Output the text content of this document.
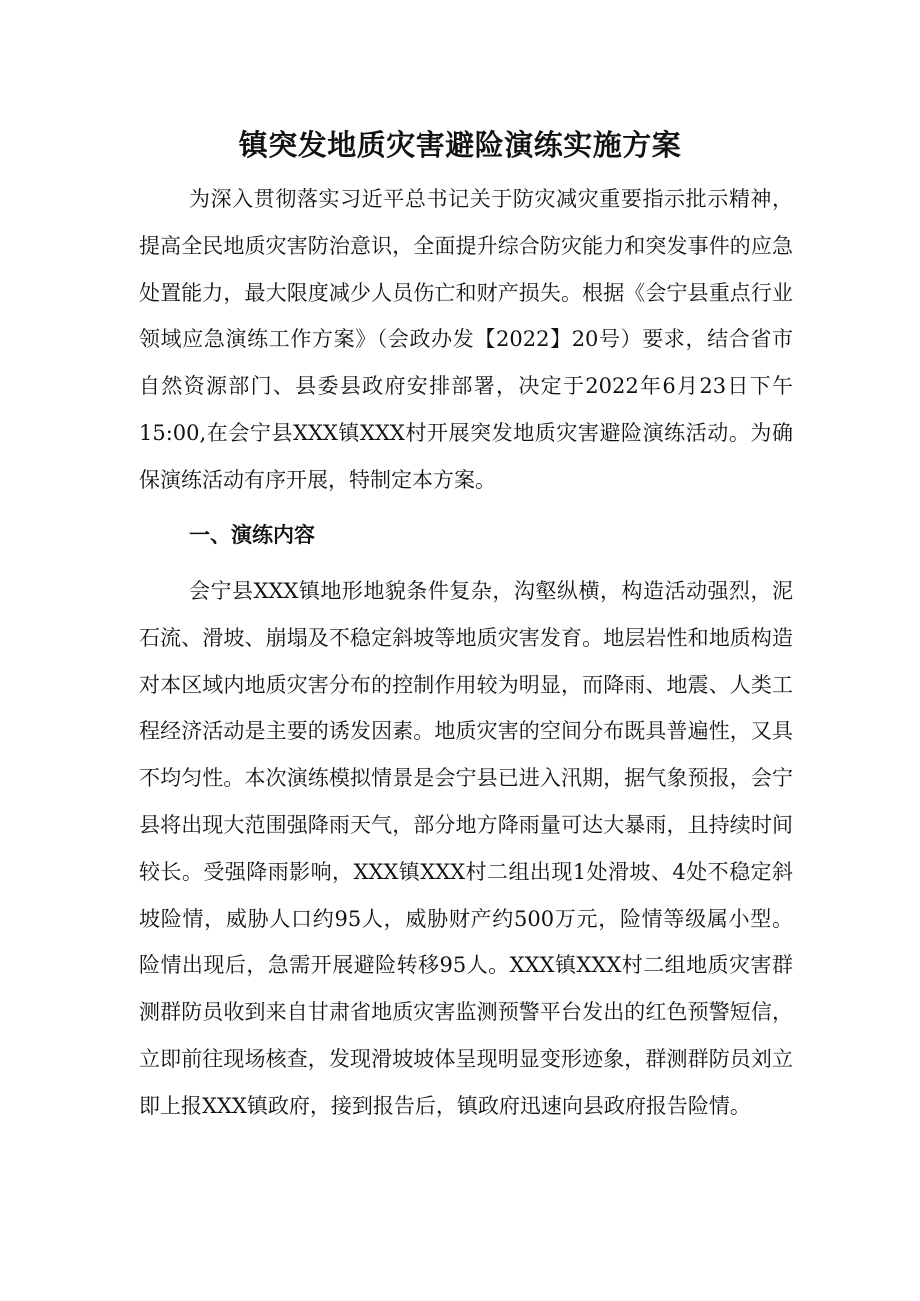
镇突发地质灾害避险演练实施方案

为深入贯彻落实习近平总书记关于防灾减灾重要指示批示精神，提高全民地质灾害防治意识，全面提升综合防灾能力和突发事件的应急处置能力，最大限度减少人员伤亡和财产损失。根据《会宁县重点行业领域应急演练工作方案》（会政办发【2022】20号）要求，结合省市自然资源部门、县委县政府安排部署，决定于2022年6月23日下午15:00,在会宁县XXX镇XXX村开展突发地质灾害避险演练活动。为确保演练活动有序开展，特制定本方案。

一、演练内容

会宁县XXX镇地形地貌条件复杂，沟壑纵横，构造活动强烈，泥石流、滑坡、崩塌及不稳定斜坡等地质灾害发育。地层岩性和地质构造对本区域内地质灾害分布的控制作用较为明显，而降雨、地震、人类工程经济活动是主要的诱发因素。地质灾害的空间分布既具普遍性，又具不均匀性。本次演练模拟情景是会宁县已进入汛期，据气象预报，会宁县将出现大范围强降雨天气，部分地方降雨量可达大暴雨，且持续时间较长。受强降雨影响，XXX镇XXX村二组出现1处滑坡、4处不稳定斜坡险情，威胁人口约95人，威胁财产约500万元，险情等级属小型。险情出现后，急需开展避险转移95人。XXX镇XXX村二组地质灾害群测群防员收到来自甘肃省地质灾害监测预警平台发出的红色预警短信，立即前往现场核查，发现滑坡坡体呈现明显变形迹象，群测群防员刘立即上报XXX镇政府，接到报告后，镇政府迅速向县政府报告险情。
